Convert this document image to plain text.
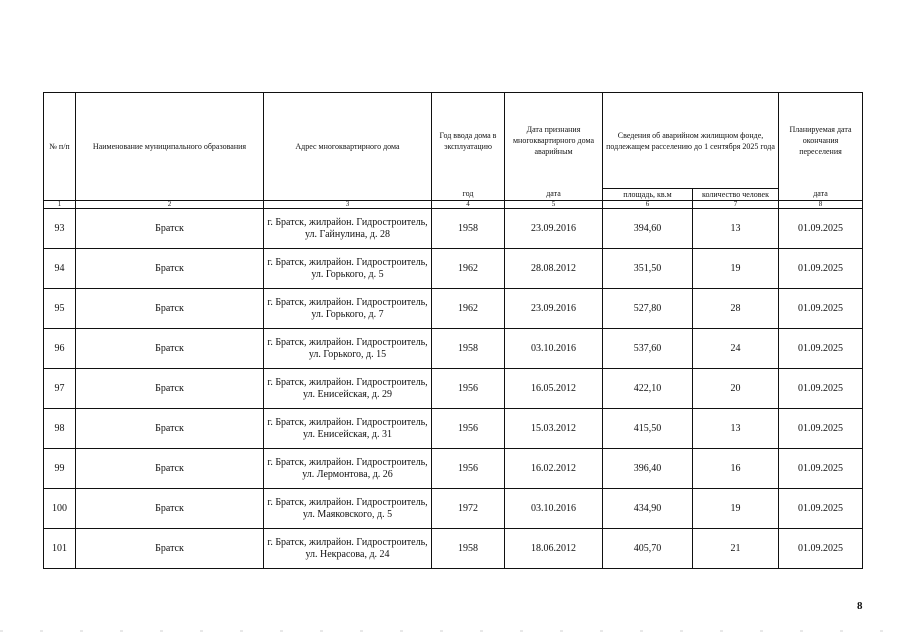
№ п/п	Наименование муниципального образования	Адрес многоквартирного дома	Год ввода дома в эксплуатацию	Дата признания многоквартирного дома аварийным	Сведения об аварийном жилищном фонде, подлежащем расселению до 1 сентября 2025 года		Планируемая дата окончания переселения
			год	дата	площадь, кв.м	количество человек	дата
1	2	3	4	5	6	7	8
93	Братск	г. Братск, жилрайон. Гидростроитель, ул. Гайнулина, д. 28	1958	23.09.2016	394,60	13	01.09.2025
94	Братск	г. Братск, жилрайон. Гидростроитель, ул. Горького, д. 5	1962	28.08.2012	351,50	19	01.09.2025
95	Братск	г. Братск, жилрайон. Гидростроитель, ул. Горького, д. 7	1962	23.09.2016	527,80	28	01.09.2025
96	Братск	г. Братск, жилрайон. Гидростроитель, ул. Горького, д. 15	1958	03.10.2016	537,60	24	01.09.2025
97	Братск	г. Братск, жилрайон. Гидростроитель, ул. Енисейская, д. 29	1956	16.05.2012	422,10	20	01.09.2025
98	Братск	г. Братск, жилрайон. Гидростроитель, ул. Енисейская, д. 31	1956	15.03.2012	415,50	13	01.09.2025
99	Братск	г. Братск, жилрайон. Гидростроитель, ул. Лермонтова, д. 26	1956	16.02.2012	396,40	16	01.09.2025
100	Братск	г. Братск, жилрайон. Гидростроитель, ул. Маяковского, д. 5	1972	03.10.2016	434,90	19	01.09.2025
101	Братск	г. Братск, жилрайон. Гидростроитель, ул. Некрасова, д. 24	1958	18.06.2012	405,70	21	01.09.2025
8
